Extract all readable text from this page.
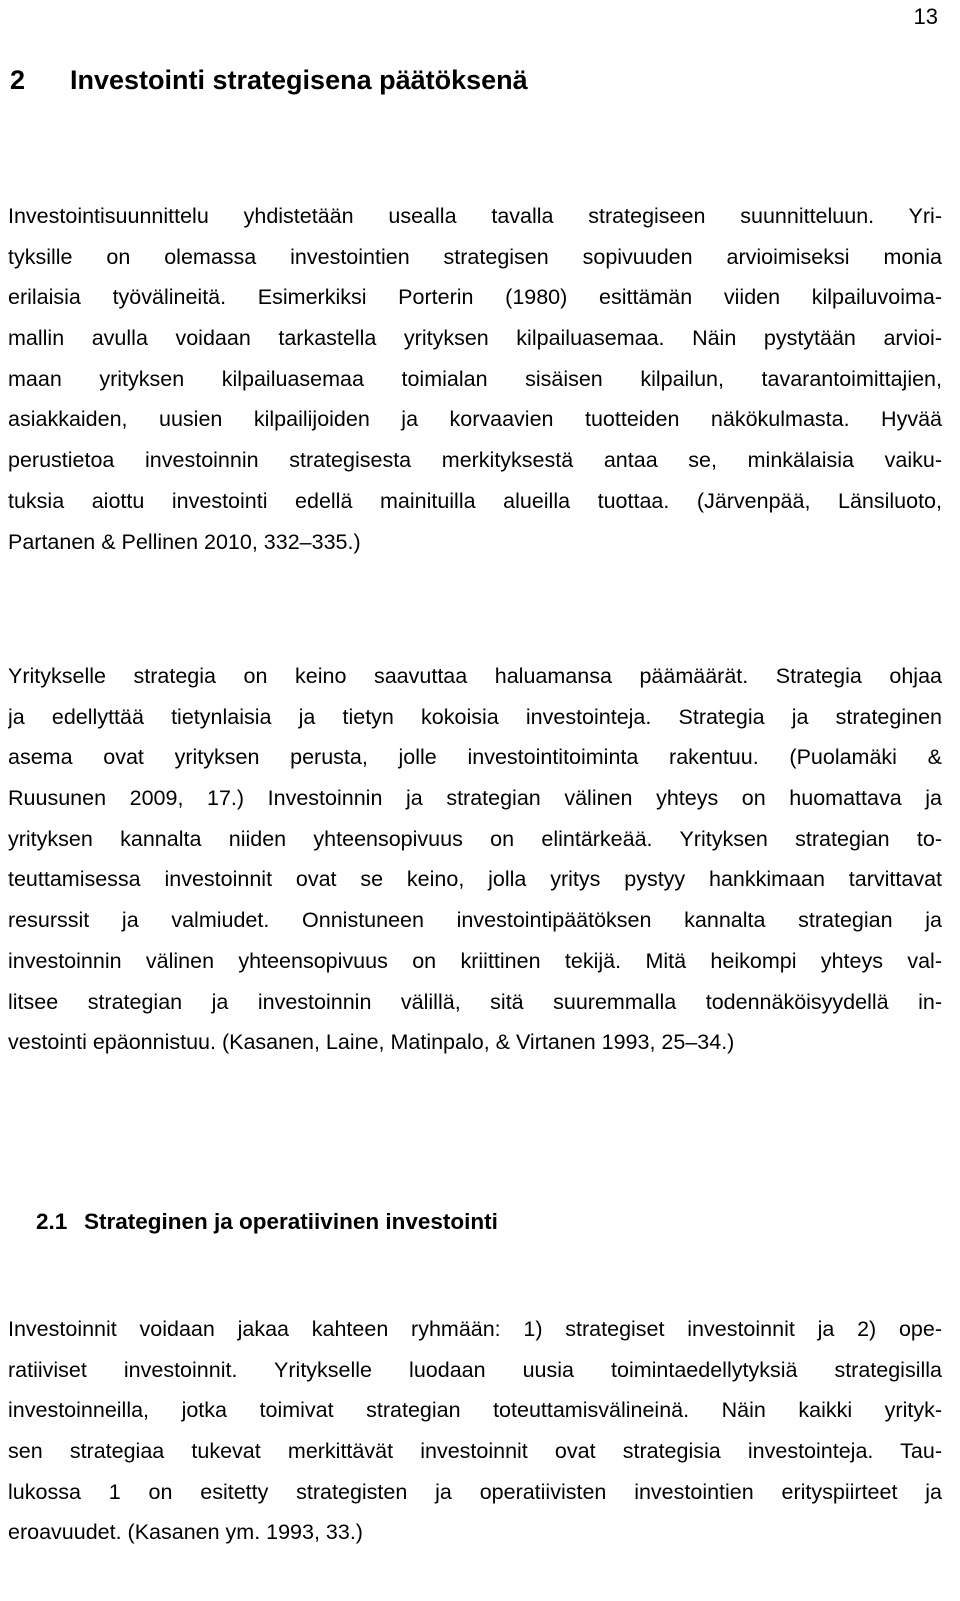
13
2 Investointi strategisena päätöksenä
Investointisuunnittelu yhdistetään usealla tavalla strategiseen suunnitteluun. Yri-
tyksille on olemassa investointien strategisen sopivuuden arvioimiseksi monia
erilaisia työvälineitä. Esimerkiksi Porterin (1980) esittämän viiden kilpailuvoima-
mallin avulla voidaan tarkastella yrityksen kilpailuasemaa. Näin pystytään arvioi-
maan yrityksen kilpailuasemaa toimialan sisäisen kilpailun, tavarantoimittajien,
asiakkaiden, uusien kilpailijoiden ja korvaavien tuotteiden näkökulmasta. Hyvää
perustietoa investoinnin strategisesta merkityksestä antaa se, minkälaisia vaiku-
tuksia aiottu investointi edellä mainituilla alueilla tuottaa. (Järvenpää, Länsiluoto,
Partanen & Pellinen 2010, 332–335.)
Yritykselle strategia on keino saavuttaa haluamansa päämäärät. Strategia ohjaa
ja edellyttää tietynlaisia ja tietyn kokoisia investointeja. Strategia ja strateginen
asema ovat yrityksen perusta, jolle investointitoiminta rakentuu. (Puolamäki &
Ruusunen 2009, 17.) Investoinnin ja strategian välinen yhteys on huomattava ja
yrityksen kannalta niiden yhteensopivuus on elintärkeää. Yrityksen strategian to-
teuttamisessa investoinnit ovat se keino, jolla yritys pystyy hankkimaan tarvittavat
resurssit ja valmiudet. Onnistuneen investointipäätöksen kannalta strategian ja
investoinnin välinen yhteensopivuus on kriittinen tekijä. Mitä heikompi yhteys val-
litsee strategian ja investoinnin välillä, sitä suuremmalla todennäköisyydellä in-
vestointi epäonnistuu. (Kasanen, Laine, Matinpalo, & Virtanen 1993, 25–34.)
2.1 Strateginen ja operatiivinen investointi
Investoinnit voidaan jakaa kahteen ryhmään: 1) strategiset investoinnit ja 2) ope-
ratiiviset investoinnit. Yritykselle luodaan uusia toimintaedellytyksiä strategisilla
investoinneilla, jotka toimivat strategian toteuttamisvälineinä. Näin kaikki yrityk-
sen strategiaa tukevat merkittävät investoinnit ovat strategisia investointeja. Tau-
lukossa 1 on esitetty strategisten ja operatiivisten investointien erityspiirteet ja
eroavuudet. (Kasanen ym. 1993, 33.)
